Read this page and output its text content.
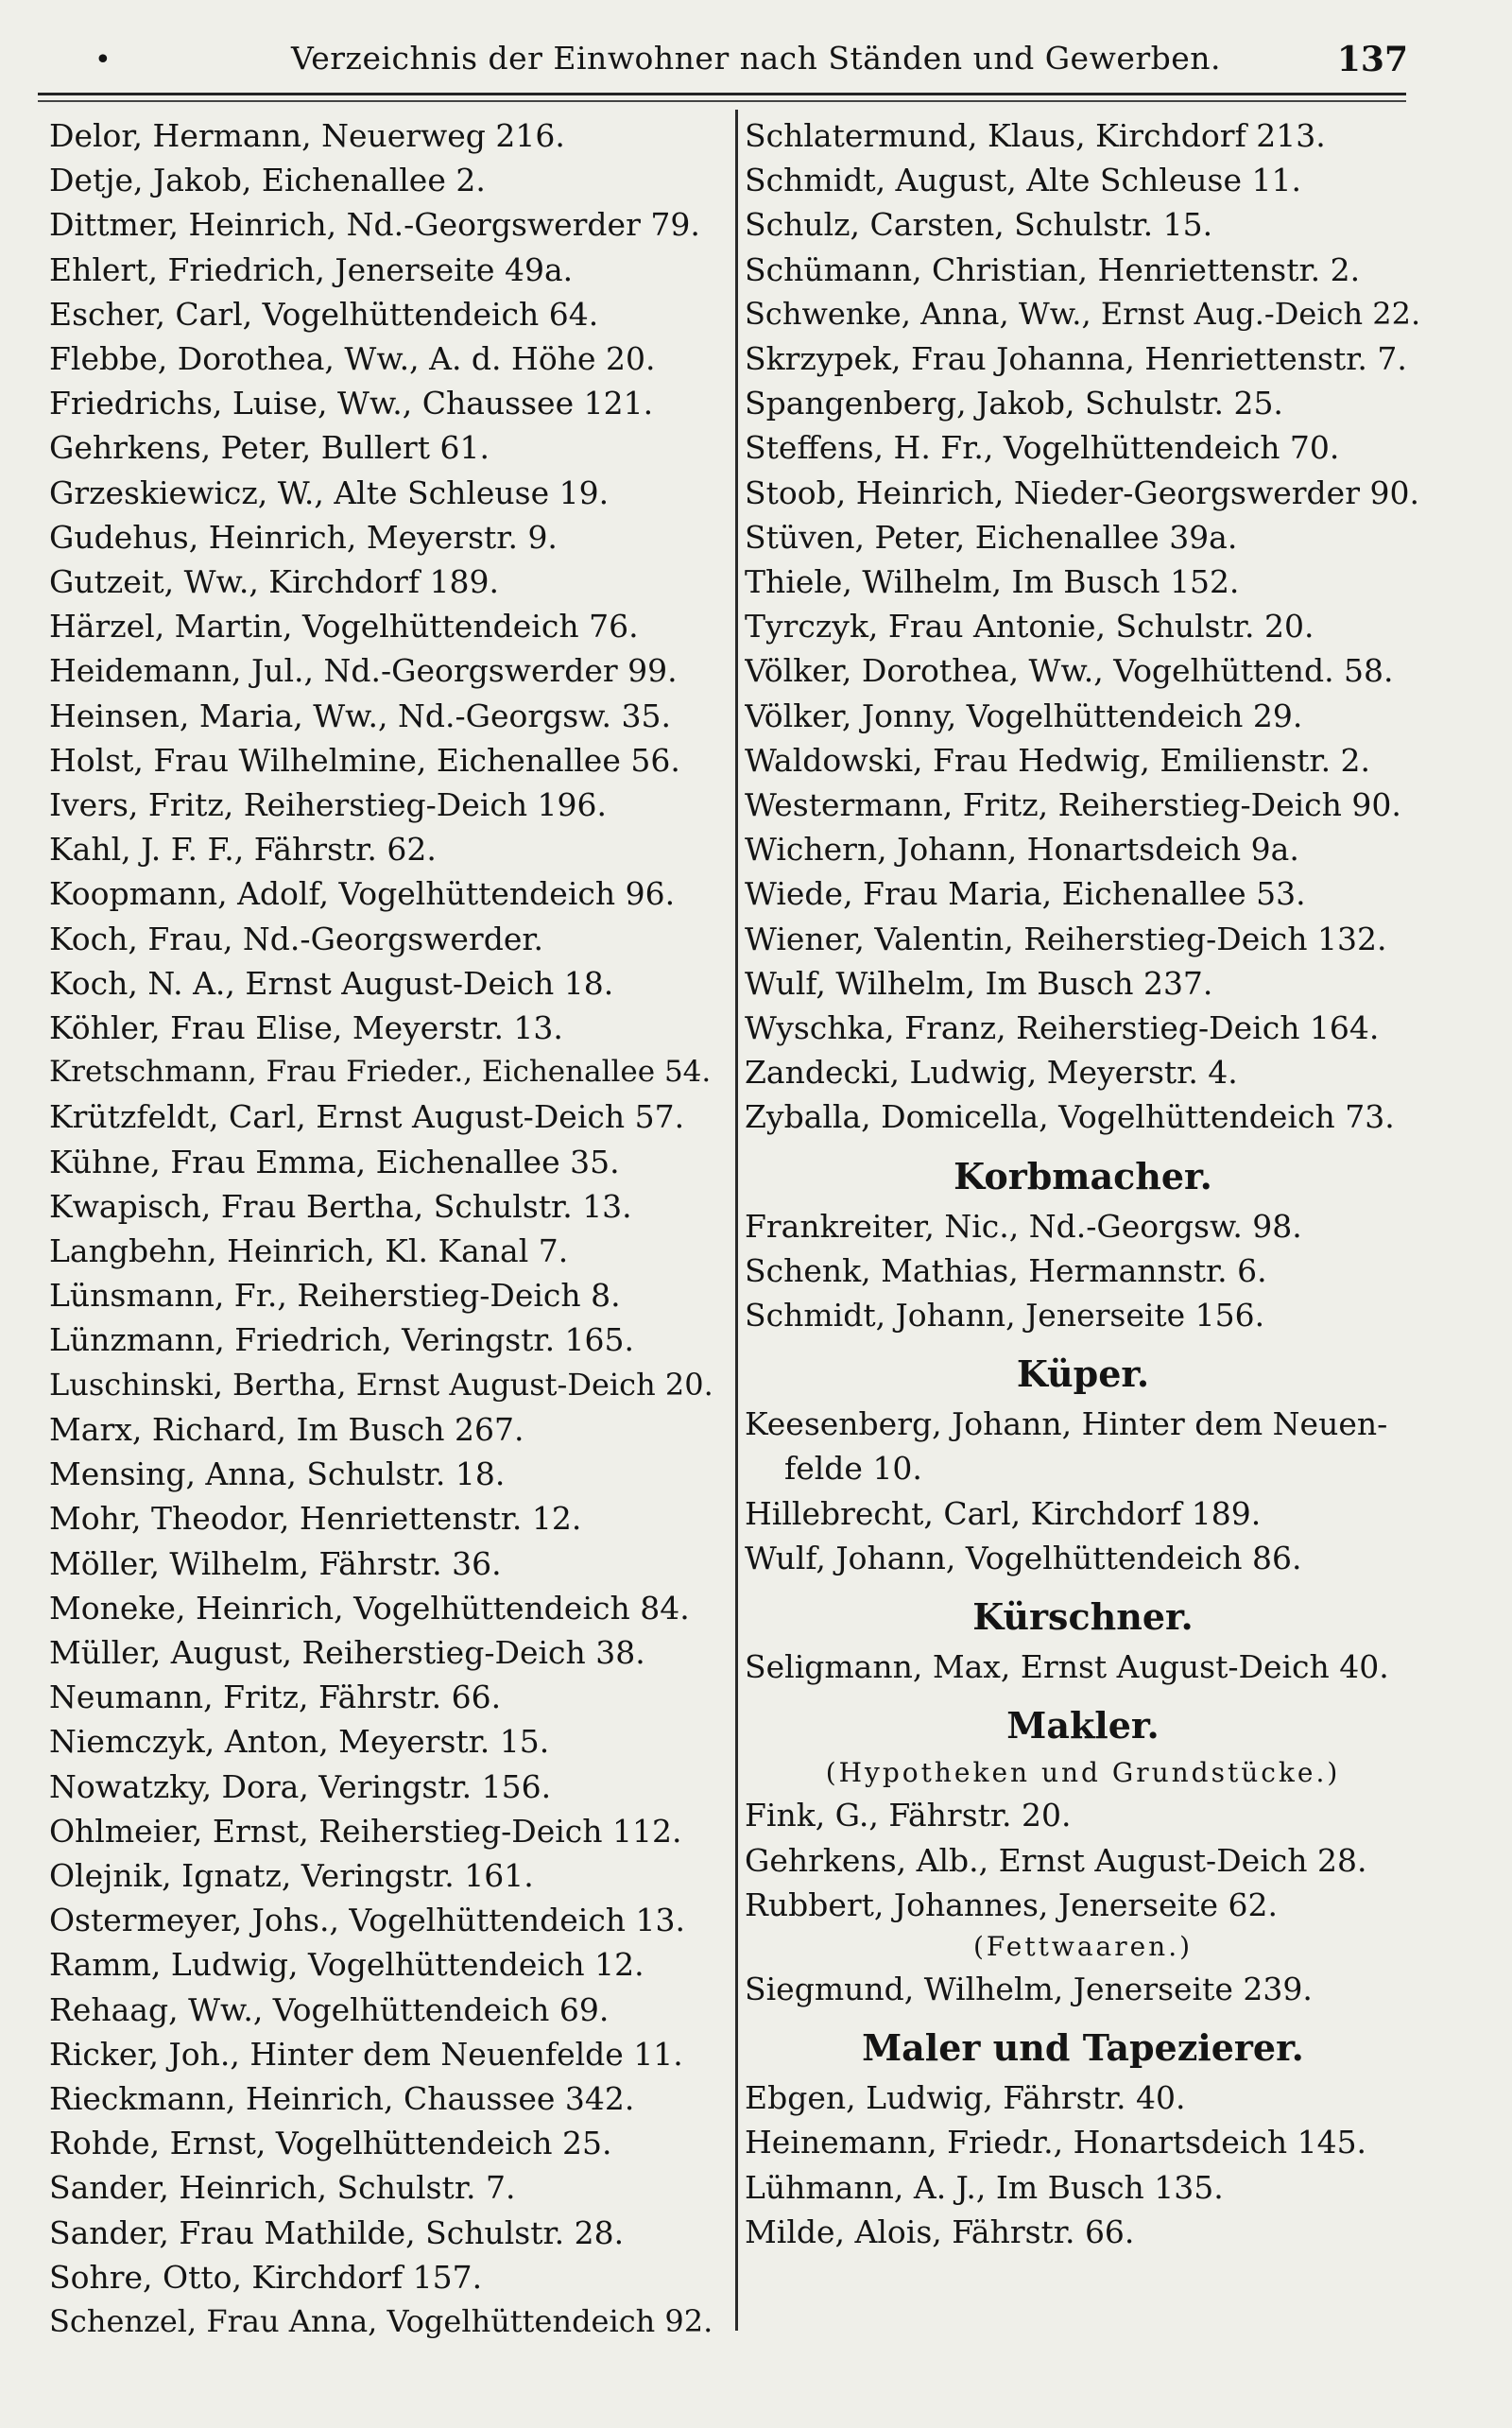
•	Verzeichnis der Einwohner nach Ständen und Gewerben.	137
Delor, Hermann, Neuerweg 216.
Detje, Jakob, Eichenallee 2.
Dittmer, Heinrich, Nd.-Georgswerder 79.
Ehlert, Friedrich, Jenerseite 49a.
Escher, Carl, Vogelhüttendeich 64.
Flebbe, Dorothea, Ww., A. d. Höhe 20.
Friedrichs, Luise, Ww., Chaussee 121.
Gehrkens, Peter, Bullert 61.
Grzeskiewicz, W., Alte Schleuse 19.
Gudehus, Heinrich, Meyerstr. 9.
Gutzeit, Ww., Kirchdorf 189.
Härzel, Martin, Vogelhüttendeich 76.
Heidemann, Jul., Nd.-Georgswerder 99.
Heinsen, Maria, Ww., Nd.-Georgsw. 35.
Holst, Frau Wilhelmine, Eichenallee 56.
Ivers, Fritz, Reiherstieg-Deich 196.
Kahl, J. F. F., Fährstr. 62.
Koopmann, Adolf, Vogelhüttendeich 96.
Koch, Frau, Nd.-Georgswerder.
Koch, N. A., Ernst August-Deich 18.
Köhler, Frau Elise, Meyerstr. 13.
Kretschmann, Frau Frieder., Eichenallee 54.
Krützfeldt, Carl, Ernst August-Deich 57.
Kühne, Frau Emma, Eichenallee 35.
Kwapisch, Frau Bertha, Schulstr. 13.
Langbehn, Heinrich, Kl. Kanal 7.
Lünsmann, Fr., Reiherstieg-Deich 8.
Lünzmann, Friedrich, Veringstr. 165.
Luschinski, Bertha, Ernst August-Deich 20.
Marx, Richard, Im Busch 267.
Mensing, Anna, Schulstr. 18.
Mohr, Theodor, Henriettenstr. 12.
Möller, Wilhelm, Fährstr. 36.
Moneke, Heinrich, Vogelhüttendeich 84.
Müller, August, Reiherstieg-Deich 38.
Neumann, Fritz, Fährstr. 66.
Niemczyk, Anton, Meyerstr. 15.
Nowatzky, Dora, Veringstr. 156.
Ohlmeier, Ernst, Reiherstieg-Deich 112.
Olejnik, Ignatz, Veringstr. 161.
Ostermeyer, Johs., Vogelhüttendeich 13.
Ramm, Ludwig, Vogelhüttendeich 12.
Rehaag, Ww., Vogelhüttendeich 69.
Ricker, Joh., Hinter dem Neuenfelde 11.
Rieckmann, Heinrich, Chaussee 342.
Rohde, Ernst, Vogelhüttendeich 25.
Sander, Heinrich, Schulstr. 7.
Sander, Frau Mathilde, Schulstr. 28.
Sohre, Otto, Kirchdorf 157.
Schenzel, Frau Anna, Vogelhüttendeich 92.
Schlatermund, Klaus, Kirchdorf 213.
Schmidt, August, Alte Schleuse 11.
Schulz, Carsten, Schulstr. 15.
Schümann, Christian, Henriettenstr. 2.
Schwenke, Anna, Ww., Ernst Aug.-Deich 22.
Skrzypek, Frau Johanna, Henriettenstr. 7.
Spangenberg, Jakob, Schulstr. 25.
Steffens, H. Fr., Vogelhüttendeich 70.
Stoob, Heinrich, Nieder-Georgswerder 90.
Stüven, Peter, Eichenallee 39a.
Thiele, Wilhelm, Im Busch 152.
Tyrczyk, Frau Antonie, Schulstr. 20.
Völker, Dorothea, Ww., Vogelhüttend. 58.
Völker, Jonny, Vogelhüttendeich 29.
Waldowski, Frau Hedwig, Emilienstr. 2.
Westermann, Fritz, Reiherstieg-Deich 90.
Wichern, Johann, Honartsdeich 9a.
Wiede, Frau Maria, Eichenallee 53.
Wiener, Valentin, Reiherstieg-Deich 132.
Wulf, Wilhelm, Im Busch 237.
Wyschka, Franz, Reiherstieg-Deich 164.
Zandecki, Ludwig, Meyerstr. 4.
Zyballa, Domicella, Vogelhüttendeich 73.
Korbmacher.
Frankreiter, Nic., Nd.-Georgsw. 98.
Schenk, Mathias, Hermannstr. 6.
Schmidt, Johann, Jenerseite 156.
Küper.
Keesenberg, Johann, Hinter dem Neuen-felde 10.
Hillebrecht, Carl, Kirchdorf 189.
Wulf, Johann, Vogelhüttendeich 86.
Kürschner.
Seligmann, Max, Ernst August-Deich 40.
Makler.
(Hypotheken und Grundstücke.)
Fink, G., Fährstr. 20.
Gehrkens, Alb., Ernst August-Deich 28.
Rubbert, Johannes, Jenerseite 62.
(Fettwaaren.)
Siegmund, Wilhelm, Jenerseite 239.
Maler und Tapezierer.
Ebgen, Ludwig, Fährstr. 40.
Heinemann, Friedr., Honartsdeich 145.
Lühmann, A. J., Im Busch 135.
Milde, Alois, Fährstr. 66.
